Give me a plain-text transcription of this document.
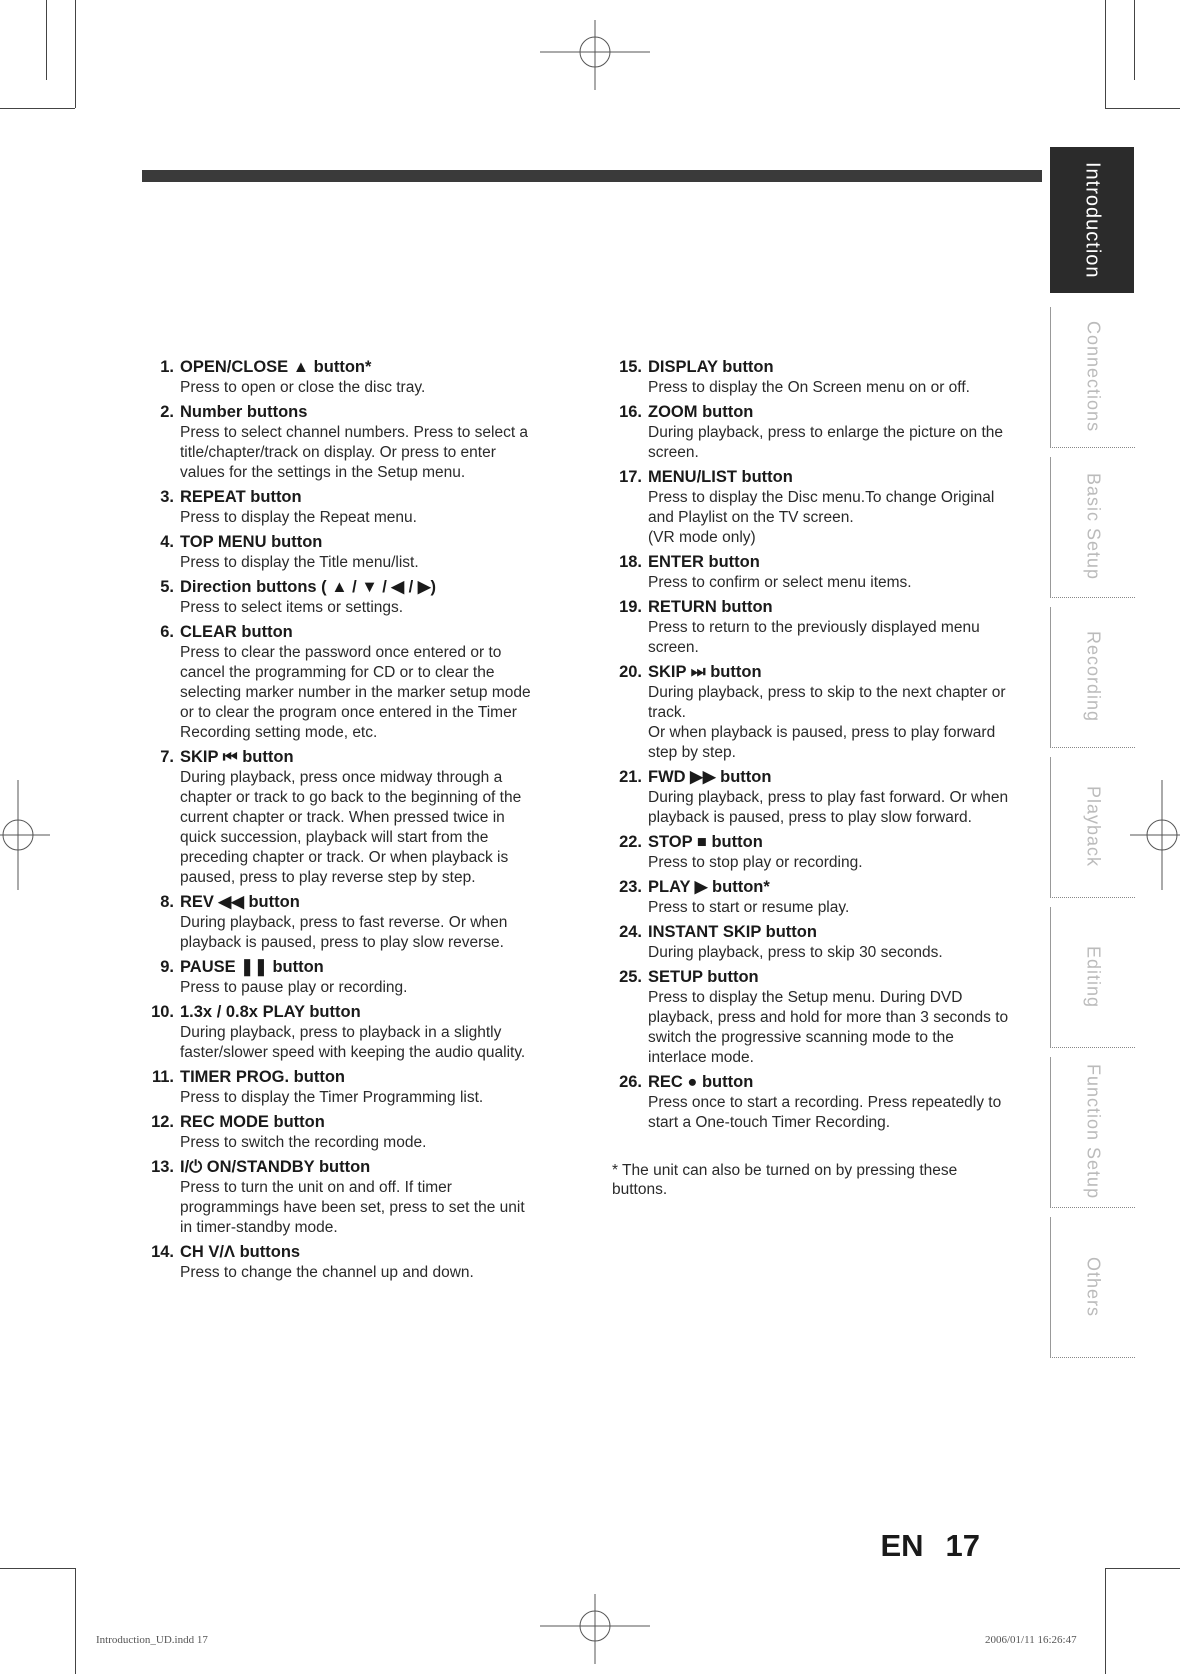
Introduction
Connections
Basic Setup
Recording
Playback
Editing
Function Setup
Others
1. OPEN/CLOSE ▲ button*
Press to open or close the disc tray.
2. Number buttons
Press to select channel numbers. Press to select a
title/chapter/track on display. Or press to enter
values for the settings in the Setup menu.
3. REPEAT button
Press to display the Repeat menu.
4. TOP MENU button
Press to display the Title menu/list.
5. Direction buttons ( ▲ / ▼ / ◀ / ▶)
Press to select items or settings.
6. CLEAR button
Press to clear the password once entered or to
cancel the programming for CD or to clear the
selecting marker number in the marker setup mode
or to clear the program once entered in the Timer
Recording setting mode, etc.
7. SKIP ⏮ button
During playback, press once midway through a
chapter or track to go back to the beginning of the
current chapter or track. When pressed twice in
quick succession, playback will start from the
preceding chapter or track. Or when playback is
paused, press to play reverse step by step.
8. REV ◀◀ button
During playback, press to fast reverse. Or when
playback is paused, press to play slow reverse.
9. PAUSE ❚❚ button
Press to pause play or recording.
10. 1.3x / 0.8x PLAY button
During playback, press to playback in a slightly
faster/slower speed with keeping the audio quality.
11. TIMER PROG. button
Press to display the Timer Programming list.
12. REC MODE button
Press to switch the recording mode.
13. I/⏻ ON/STANDBY button
Press to turn the unit on and off. If timer
programmings have been set, press to set the unit
in timer-standby mode.
14. CH V/Λ buttons
Press to change the channel up and down.
15. DISPLAY button
Press to display the On Screen menu on or off.
16. ZOOM button
During playback, press to enlarge the picture on the
screen.
17. MENU/LIST button
Press to display the Disc menu.To change Original
and Playlist on the TV screen.
(VR mode only)
18. ENTER button
Press to confirm or select menu items.
19. RETURN button
Press to return to the previously displayed menu
screen.
20. SKIP ⏭ button
During playback, press to skip to the next chapter or
track.
Or when playback is paused, press to play forward
step by step.
21. FWD ▶▶ button
During playback, press to play fast forward. Or when
playback is paused, press to play slow forward.
22. STOP ■ button
Press to stop play or recording.
23. PLAY ▶ button*
Press to start or resume play.
24. INSTANT SKIP button
During playback, press to skip 30 seconds.
25. SETUP button
Press to display the Setup menu. During DVD
playback, press and hold for more than 3 seconds to
switch the progressive scanning mode to the
interlace mode.
26. REC ● button
Press once to start a recording. Press repeatedly to
start a One-touch Timer Recording.
* The unit can also be turned on by pressing these
buttons.
EN 17
Introduction_UD.indd 17	2006/01/11 16:26:47
